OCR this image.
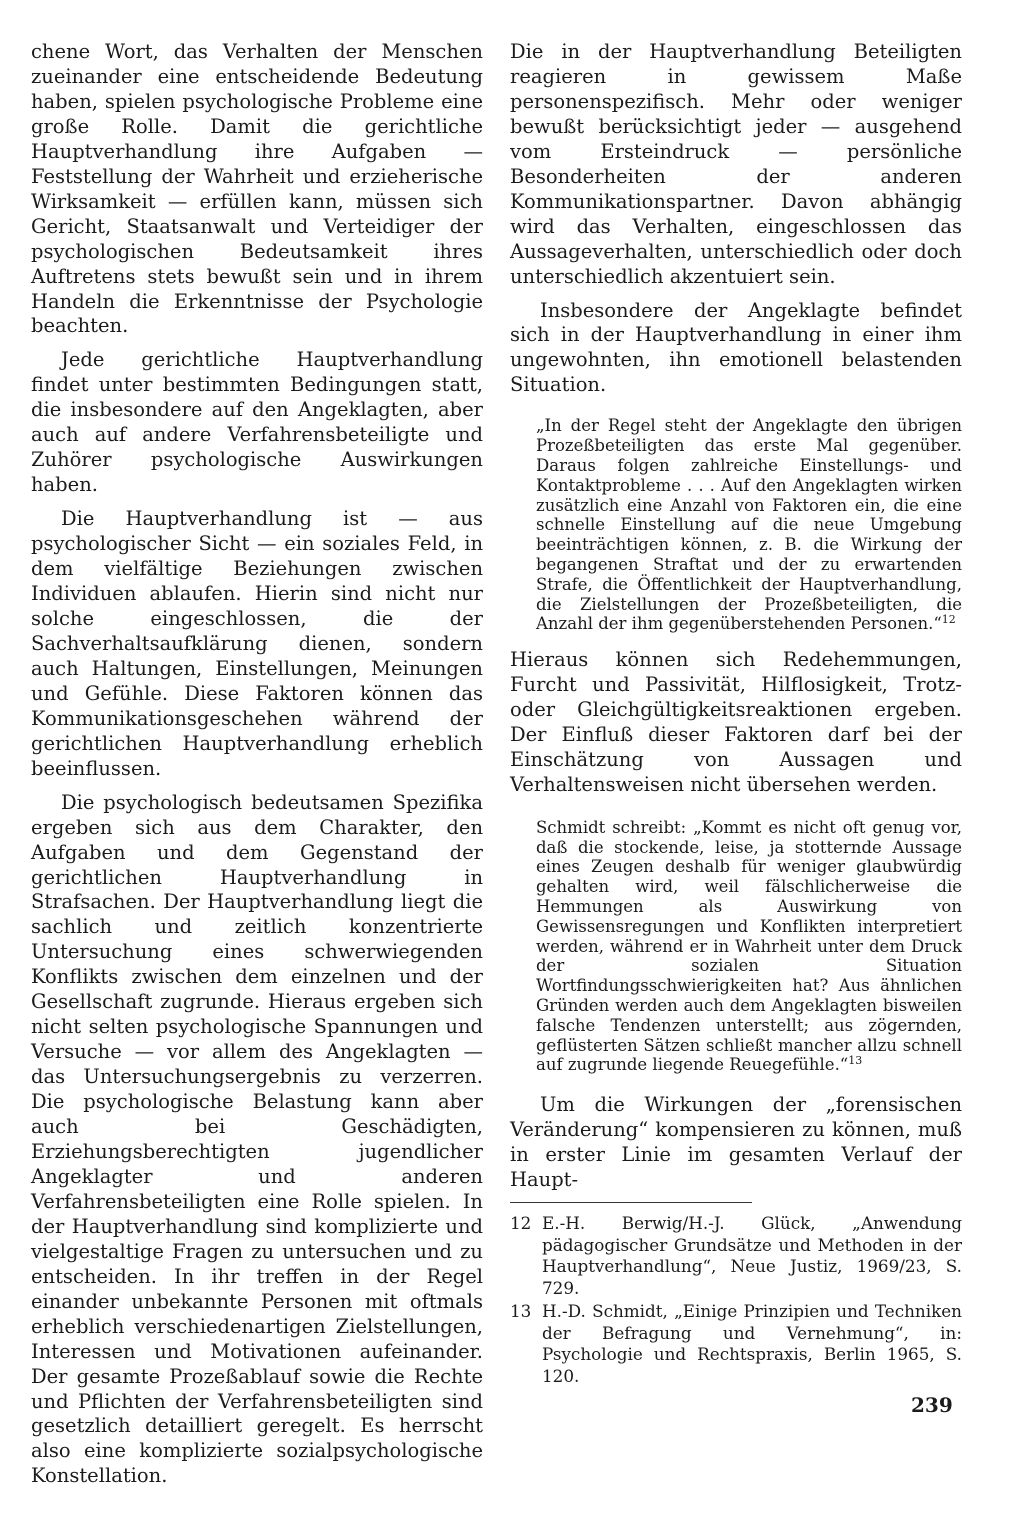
chene Wort, das Verhalten der Menschen zueinander eine entscheidende Bedeutung haben, spielen psychologische Probleme eine große Rolle. Damit die gerichtliche Hauptverhandlung ihre Aufgaben — Feststellung der Wahrheit und erzieherische Wirksamkeit — erfüllen kann, müssen sich Gericht, Staatsanwalt und Verteidiger der psychologischen Bedeutsamkeit ihres Auftretens stets bewußt sein und in ihrem Handeln die Erkenntnisse der Psychologie beachten.

Jede gerichtliche Hauptverhandlung findet unter bestimmten Bedingungen statt, die insbesondere auf den Angeklagten, aber auch auf andere Verfahrensbeteiligte und Zuhörer psychologische Auswirkungen haben.

Die Hauptverhandlung ist — aus psychologischer Sicht — ein soziales Feld, in dem vielfältige Beziehungen zwischen Individuen ablaufen. Hierin sind nicht nur solche eingeschlossen, die der Sachverhaltsaufklärung dienen, sondern auch Haltungen, Einstellungen, Meinungen und Gefühle. Diese Faktoren können das Kommunikationsgeschehen während der gerichtlichen Hauptverhandlung erheblich beeinflussen.

Die psychologisch bedeutsamen Spezifika ergeben sich aus dem Charakter, den Aufgaben und dem Gegenstand der gerichtlichen Hauptverhandlung in Strafsachen. Der Hauptverhandlung liegt die sachlich und zeitlich konzentrierte Untersuchung eines schwerwiegenden Konflikts zwischen dem einzelnen und der Gesellschaft zugrunde. Hieraus ergeben sich nicht selten psychologische Spannungen und Versuche — vor allem des Angeklagten — das Untersuchungsergebnis zu verzerren. Die psychologische Belastung kann aber auch bei Geschädigten, Erziehungsberechtigten jugendlicher Angeklagter und anderen Verfahrensbeteiligten eine Rolle spielen. In der Hauptverhandlung sind komplizierte und vielgestaltige Fragen zu untersuchen und zu entscheiden. In ihr treffen in der Regel einander unbekannte Personen mit oftmals erheblich verschiedenartigen Zielstellungen, Interessen und Motivationen aufeinander. Der gesamte Prozeßablauf sowie die Rechte und Pflichten der Verfahrensbeteiligten sind gesetzlich detailliert geregelt. Es herrscht also eine komplizierte sozialpsychologische Konstellation.

Die in der Hauptverhandlung Beteiligten reagieren in gewissem Maße personenspezifisch. Mehr oder weniger bewußt berücksichtigt jeder — ausgehend vom Ersteindruck — persönliche Besonderheiten der anderen Kommunikationspartner. Davon abhängig wird das Verhalten, eingeschlossen das Aussageverhalten, unterschiedlich oder doch unterschiedlich akzentuiert sein.

Insbesondere der Angeklagte befindet sich in der Hauptverhandlung in einer ihm ungewohnten, ihn emotionell belastenden Situation.

„In der Regel steht der Angeklagte den übrigen Prozeßbeteiligten das erste Mal gegenüber. Daraus folgen zahlreiche Einstellungs- und Kontaktprobleme . . . Auf den Angeklagten wirken zusätzlich eine Anzahl von Faktoren ein, die eine schnelle Einstellung auf die neue Umgebung beeinträchtigen können, z. B. die Wirkung der begangenen Straftat und der zu erwartenden Strafe, die Öffentlichkeit der Hauptverhandlung, die Zielstellungen der Prozeßbeteiligten, die Anzahl der ihm gegenüberstehenden Personen.“$^{12}$

Hieraus können sich Redehemmungen, Furcht und Passivität, Hilflosigkeit, Trotz- oder Gleichgültigkeitsreaktionen ergeben. Der Einfluß dieser Faktoren darf bei der Einschätzung von Aussagen und Verhaltensweisen nicht übersehen werden.

Schmidt schreibt: „Kommt es nicht oft genug vor, daß die stockende, leise, ja stotternde Aussage eines Zeugen deshalb für weniger glaubwürdig gehalten wird, weil fälschlicherweise die Hemmungen als Auswirkung von Gewissensregungen und Konflikten interpretiert werden, während er in Wahrheit unter dem Druck der sozialen Situation Wortfindungsschwierigkeiten hat? Aus ähnlichen Gründen werden auch dem Angeklagten bisweilen falsche Tendenzen unterstellt; aus zögernden, geflüsterten Sätzen schließt mancher allzu schnell auf zugrunde liegende Reuegefühle.“$^{13}$

Um die Wirkungen der „forensischen Veränderung“ kompensieren zu können, muß in erster Linie im gesamten Verlauf der Haupt-

12 E.-H. Berwig/H.-J. Glück, „Anwendung pädagogischer Grundsätze und Methoden in der Hauptverhandlung“, Neue Justiz, 1969/23, S. 729.
13 H.-D. Schmidt, „Einige Prinzipien und Techniken der Befragung und Vernehmung“, in: Psychologie und Rechtspraxis, Berlin 1965, S. 120.
239
